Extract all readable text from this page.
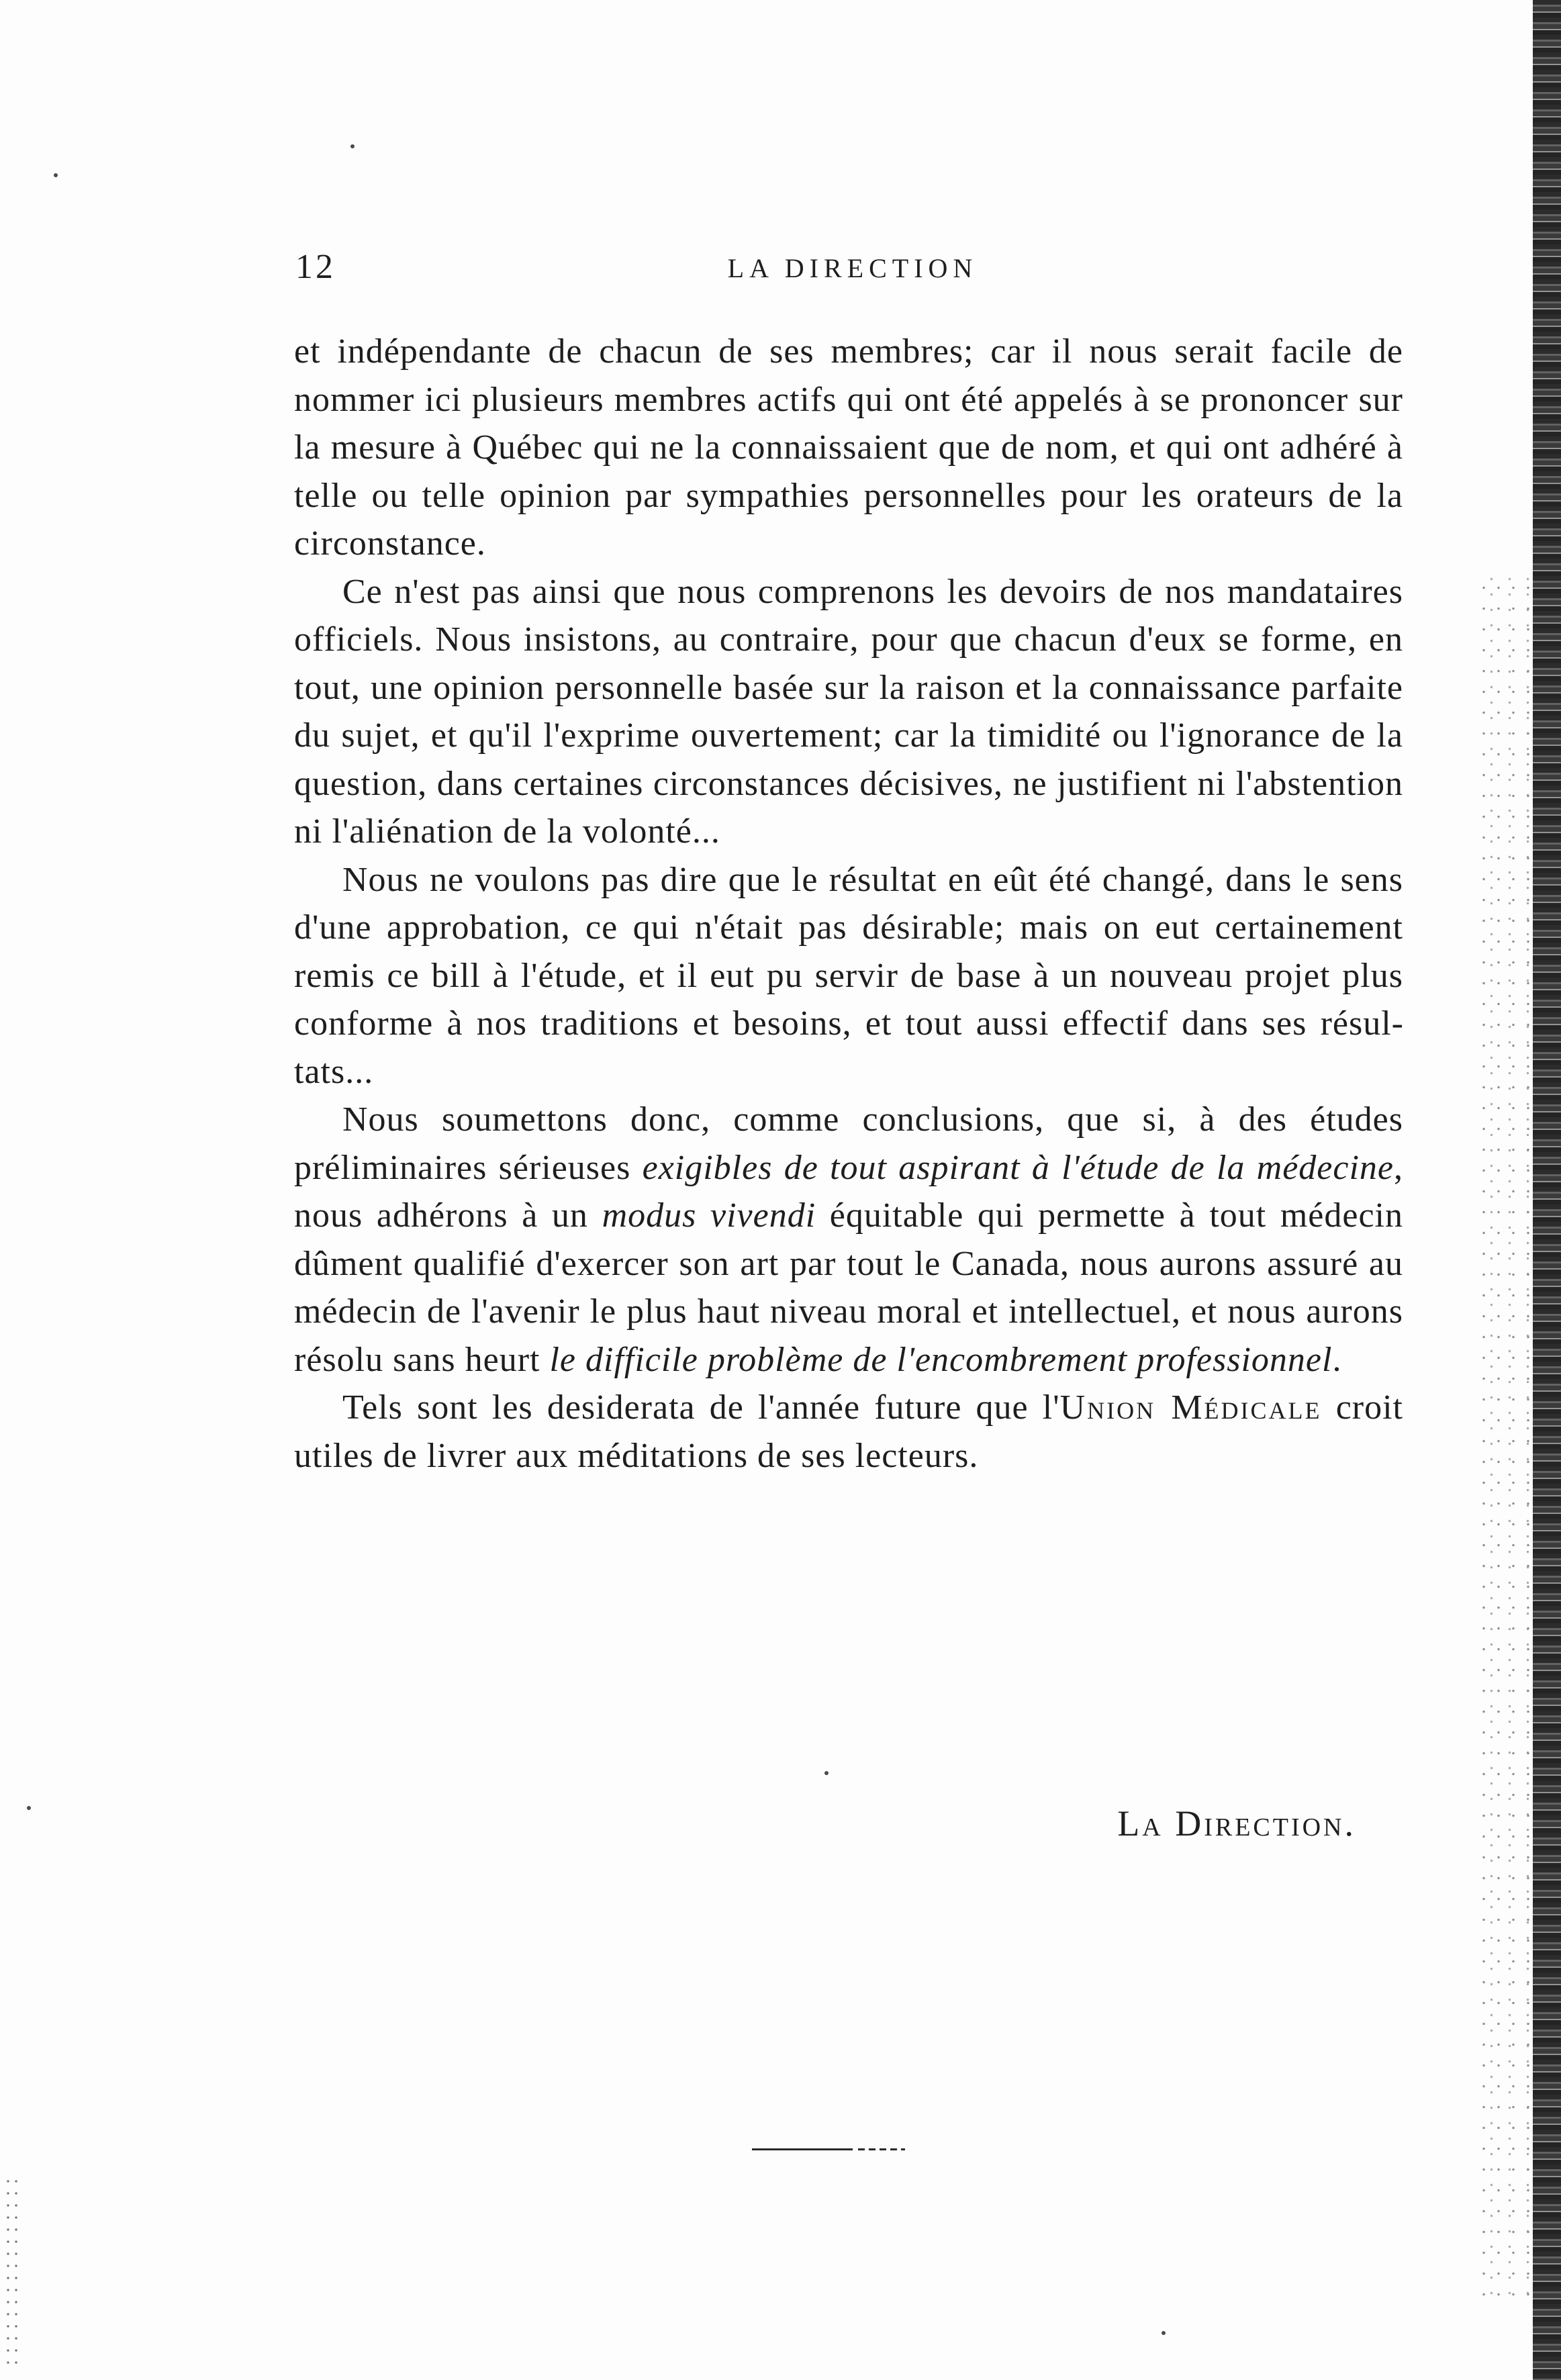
12	LA DIRECTION

et indépendante de chacun de ses membres; car il nous serait facile de nommer ici plusieurs membres actifs qui ont été appelés à se prononcer sur la mesure à Québec qui ne la connaissaient que de nom, et qui ont adhéré à telle ou telle opinion par sympathies personnelles pour les orateurs de la circonstance.

Ce n'est pas ainsi que nous comprenons les devoirs de nos mandataires officiels. Nous insistons, au contraire, pour que chacun d'eux se forme, en tout, une opinion personnelle basée sur la raison et la connaissance parfaite du sujet, et qu'il l'exprime ouvertement; car la timidité ou l'ignorance de la question, dans certaines circonstances décisives, ne justifient ni l'abstention ni l'aliénation de la volonté...

Nous ne voulons pas dire que le résultat en eût été changé, dans le sens d'une approbation, ce qui n'était pas désirable; mais on eut certainement remis ce bill à l'étude, et il eut pu servir de base à un nouveau projet plus conforme à nos traditions et besoins, et tout aussi effectif dans ses résultats...

Nous soumettons donc, comme conclusions, que si, à des études préliminaires sérieuses exigibles de tout aspirant à l'étude de la médecine, nous adhérons à un modus vivendi équitable qui permette à tout médecin dûment qualifié d'exercer son art par tout le Canada, nous aurons assuré au médecin de l'avenir le plus haut niveau moral et intellectuel, et nous aurons résolu sans heurt le difficile problème de l'encombrement professionnel.

Tels sont les desiderata de l'année future que l'Union Médicale croit utiles de livrer aux méditations de ses lecteurs.

La Direction.
